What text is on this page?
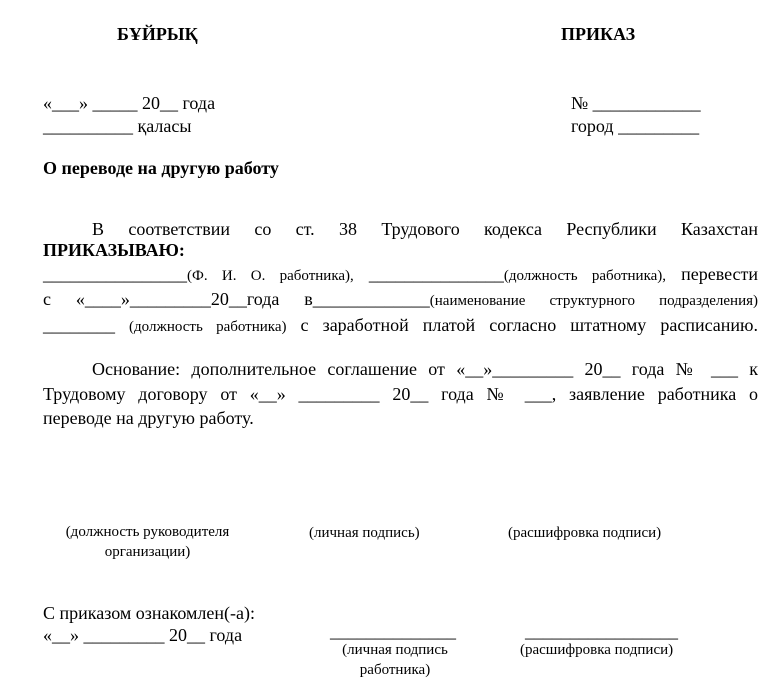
БҰЙРЫҚ	ПРИКАЗ
«___» _____ 20__ года
__________ қаласы
№ ____________
город _________
О переводе на другую работу
В соответствии со ст. 38 Трудового кодекса Республики Казахстан
ПРИКАЗЫВАЮ:
________________(Ф. И. О. работника), _______________(должность работника), перевести
с «____»_________20__года в_____________(наименование структурного подразделения)
________ (должность работника) с заработной платой согласно штатному расписанию.
Основание: дополнительное соглашение от «__»_________ 20__ года № ___ к
Трудовому договору от «__» _________ 20__ года № ___, заявление работника о
переводе на другую работу.
(должность руководителя
организации)
(личная подпись)	(расшифровка подписи)
С приказом ознакомлен(-а):
«__» _________ 20__ года	______________	_________________
(личная подпись
работника)
(расшифровка подписи)
